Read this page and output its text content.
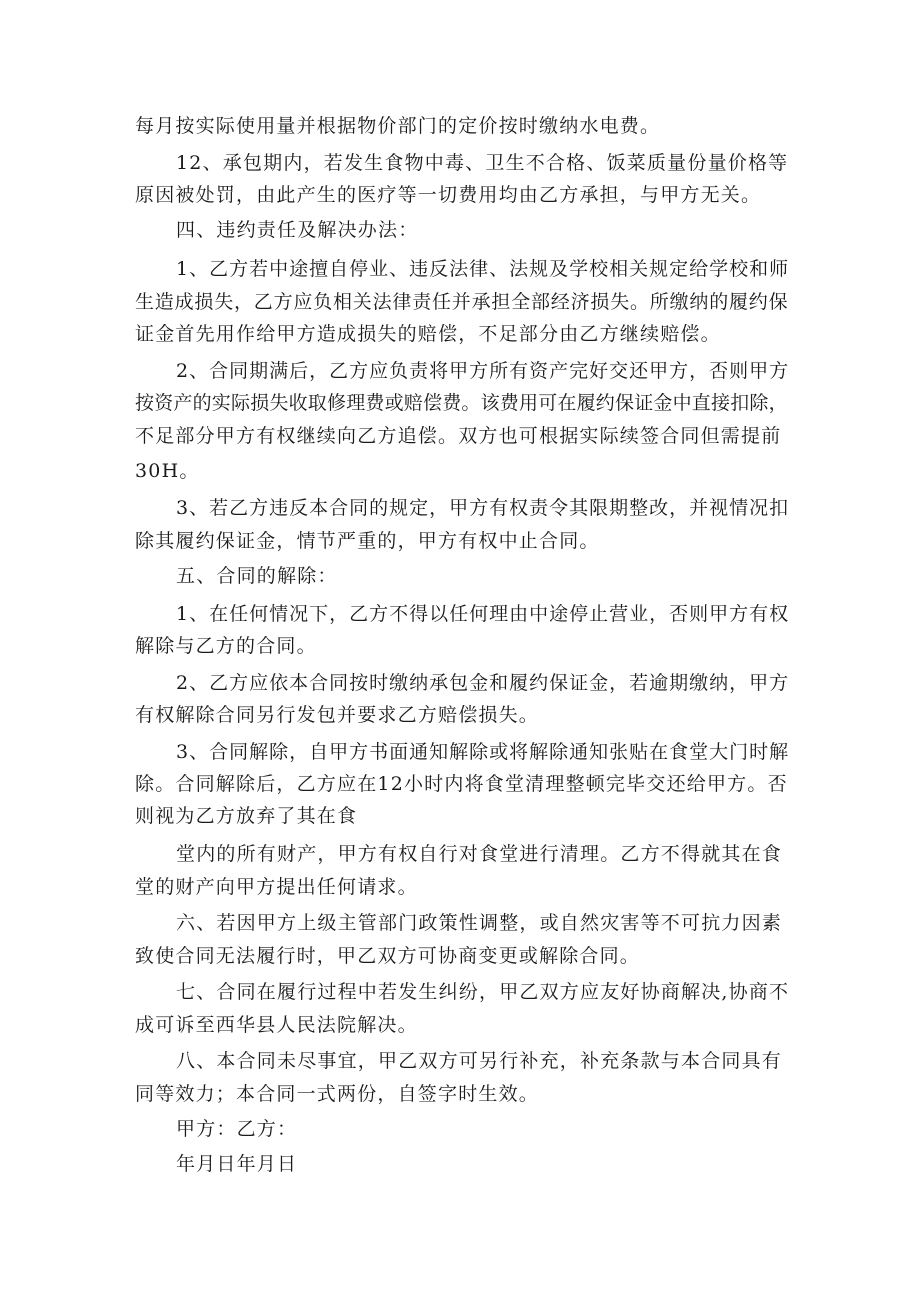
每月按实际使用量并根据物价部门的定价按时缴纳水电费。
12、承包期内，若发生食物中毒、卫生不合格、饭菜质量份量价格等
原因被处罚，由此产生的医疗等一切费用均由乙方承担，与甲方无关。
四、违约责任及解决办法：
1、乙方若中途擅自停业、违反法律、法规及学校相关规定给学校和师
生造成损失，乙方应负相关法律责任并承担全部经济损失。所缴纳的履约保
证金首先用作给甲方造成损失的赔偿，不足部分由乙方继续赔偿。
2、合同期满后，乙方应负责将甲方所有资产完好交还甲方，否则甲方
按资产的实际损失收取修理费或赔偿费。该费用可在履约保证金中直接扣除，
不足部分甲方有权继续向乙方追偿。双方也可根据实际续签合同但需提前
30H。
3、若乙方违反本合同的规定，甲方有权责令其限期整改，并视情况扣
除其履约保证金，情节严重的，甲方有权中止合同。
五、合同的解除：
1、在任何情况下，乙方不得以任何理由中途停止营业，否则甲方有权
解除与乙方的合同。
2、乙方应依本合同按时缴纳承包金和履约保证金，若逾期缴纳，甲方
有权解除合同另行发包并要求乙方赔偿损失。
3、合同解除，自甲方书面通知解除或将解除通知张贴在食堂大门时解
除。合同解除后，乙方应在12小时内将食堂清理整顿完毕交还给甲方。否
则视为乙方放弃了其在食
堂内的所有财产，甲方有权自行对食堂进行清理。乙方不得就其在食
堂的财产向甲方提出任何请求。
六、若因甲方上级主管部门政策性调整，或自然灾害等不可抗力因素
致使合同无法履行时，甲乙双方可协商变更或解除合同。
七、合同在履行过程中若发生纠纷，甲乙双方应友好协商解决,协商不
成可诉至西华县人民法院解决。
八、本合同未尽事宜，甲乙双方可另行补充，补充条款与本合同具有
同等效力；本合同一式两份，自签字时生效。
甲方：乙方：
年月日年月日
